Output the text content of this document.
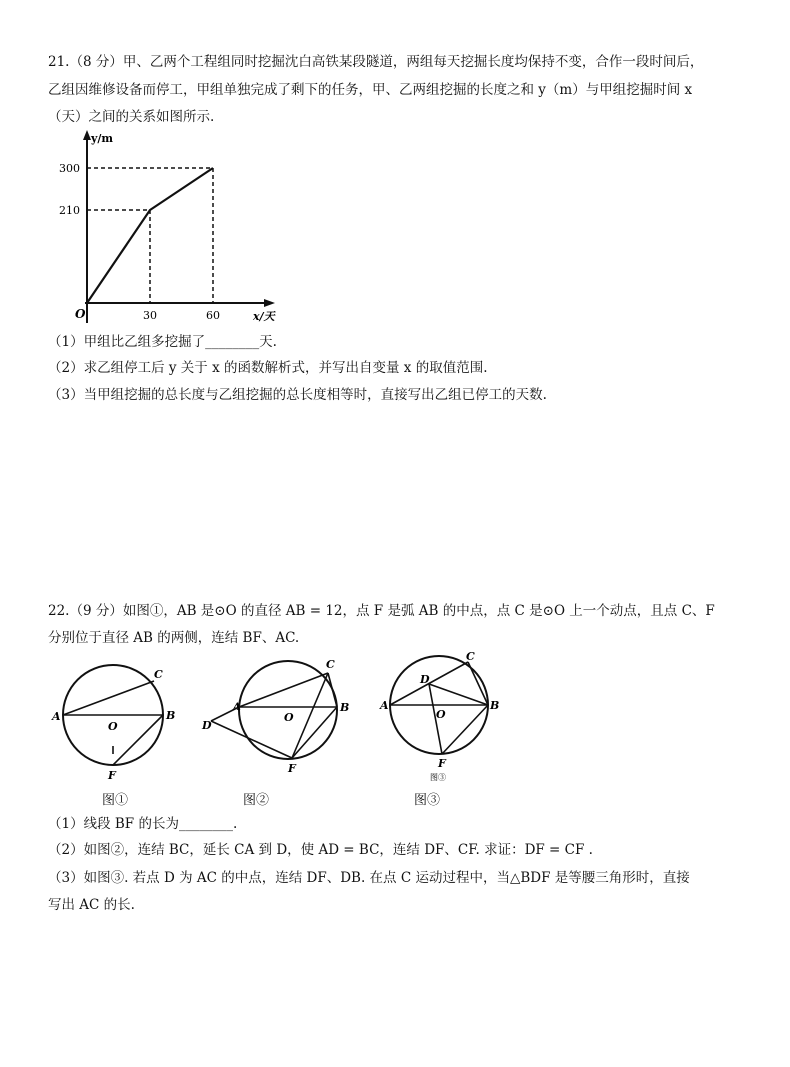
21.（8 分）甲、乙两个工程组同时挖掘沈白高铁某段隧道，两组每天挖掘长度均保持不变，合作一段时间后，
乙组因维修设备而停工，甲组单独完成了剩下的任务，甲、乙两组挖掘的长度之和 y（m）与甲组挖掘时间 x
（天）之间的关系如图所示.
y/m
300
210
O	30	60	x/天
（1）甲组比乙组多挖掘了________天.
（2）求乙组停工后 y 关于 x 的函数解析式，并写出自变量 x 的取值范围.
（3）当甲组挖掘的总长度与乙组挖掘的总长度相等时，直接写出乙组已停工的天数.
22.（9 分）如图①，AB 是⊙O 的直径 AB = 12，点 F 是弧 AB 的中点，点 C 是⊙O 上一个动点，且点 C、F
分别位于直径 AB 的两侧，连结 BF、AC.
A	B
C
O
F
A	B
C
D
O
F
A	B
C
D
O
F
图③
图①	图②	图③
（1）线段 BF 的长为________.
（2）如图②，连结 BC，延长 CA 到 D，使 AD = BC，连结 DF、CF. 求证：DF = CF .
（3）如图③. 若点 D 为 AC 的中点，连结 DF、DB. 在点 C 运动过程中，当△BDF 是等腰三角形时，直接
写出 AC 的长.
